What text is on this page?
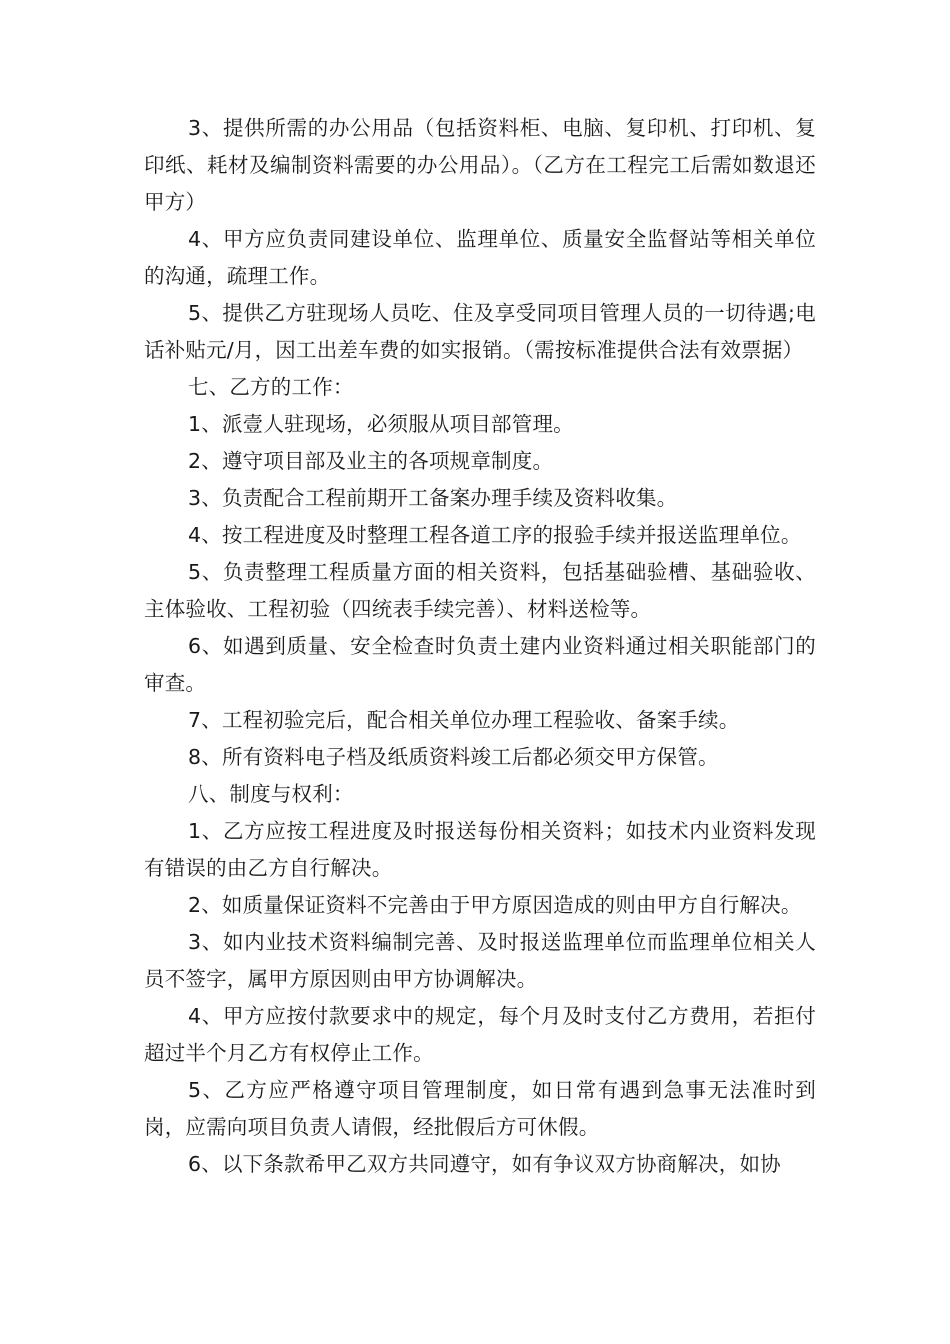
3、提供所需的办公用品（包括资料柜、电脑、复印机、打印机、复印纸、耗材及编制资料需要的办公用品）。（乙方在工程完工后需如数退还甲方）

4、甲方应负责同建设单位、监理单位、质量安全监督站等相关单位的沟通，疏理工作。

5、提供乙方驻现场人员吃、住及享受同项目管理人员的一切待遇;电话补贴元/月，因工出差车费的如实报销。（需按标准提供合法有效票据）

七、乙方的工作：

1、派壹人驻现场，必须服从项目部管理。

2、遵守项目部及业主的各项规章制度。

3、负责配合工程前期开工备案办理手续及资料收集。

4、按工程进度及时整理工程各道工序的报验手续并报送监理单位。

5、负责整理工程质量方面的相关资料，包括基础验槽、基础验收、主体验收、工程初验（四统表手续完善）、材料送检等。

6、如遇到质量、安全检查时负责土建内业资料通过相关职能部门的审查。

7、工程初验完后，配合相关单位办理工程验收、备案手续。

8、所有资料电子档及纸质资料竣工后都必须交甲方保管。

八、制度与权利：

1、乙方应按工程进度及时报送每份相关资料；如技术内业资料发现有错误的由乙方自行解决。

2、如质量保证资料不完善由于甲方原因造成的则由甲方自行解决。

3、如内业技术资料编制完善、及时报送监理单位而监理单位相关人员不签字，属甲方原因则由甲方协调解决。

4、甲方应按付款要求中的规定，每个月及时支付乙方费用，若拒付超过半个月乙方有权停止工作。

5、乙方应严格遵守项目管理制度，如日常有遇到急事无法准时到岗，应需向项目负责人请假，经批假后方可休假。

6、以下条款希甲乙双方共同遵守，如有争议双方协商解决，如协
